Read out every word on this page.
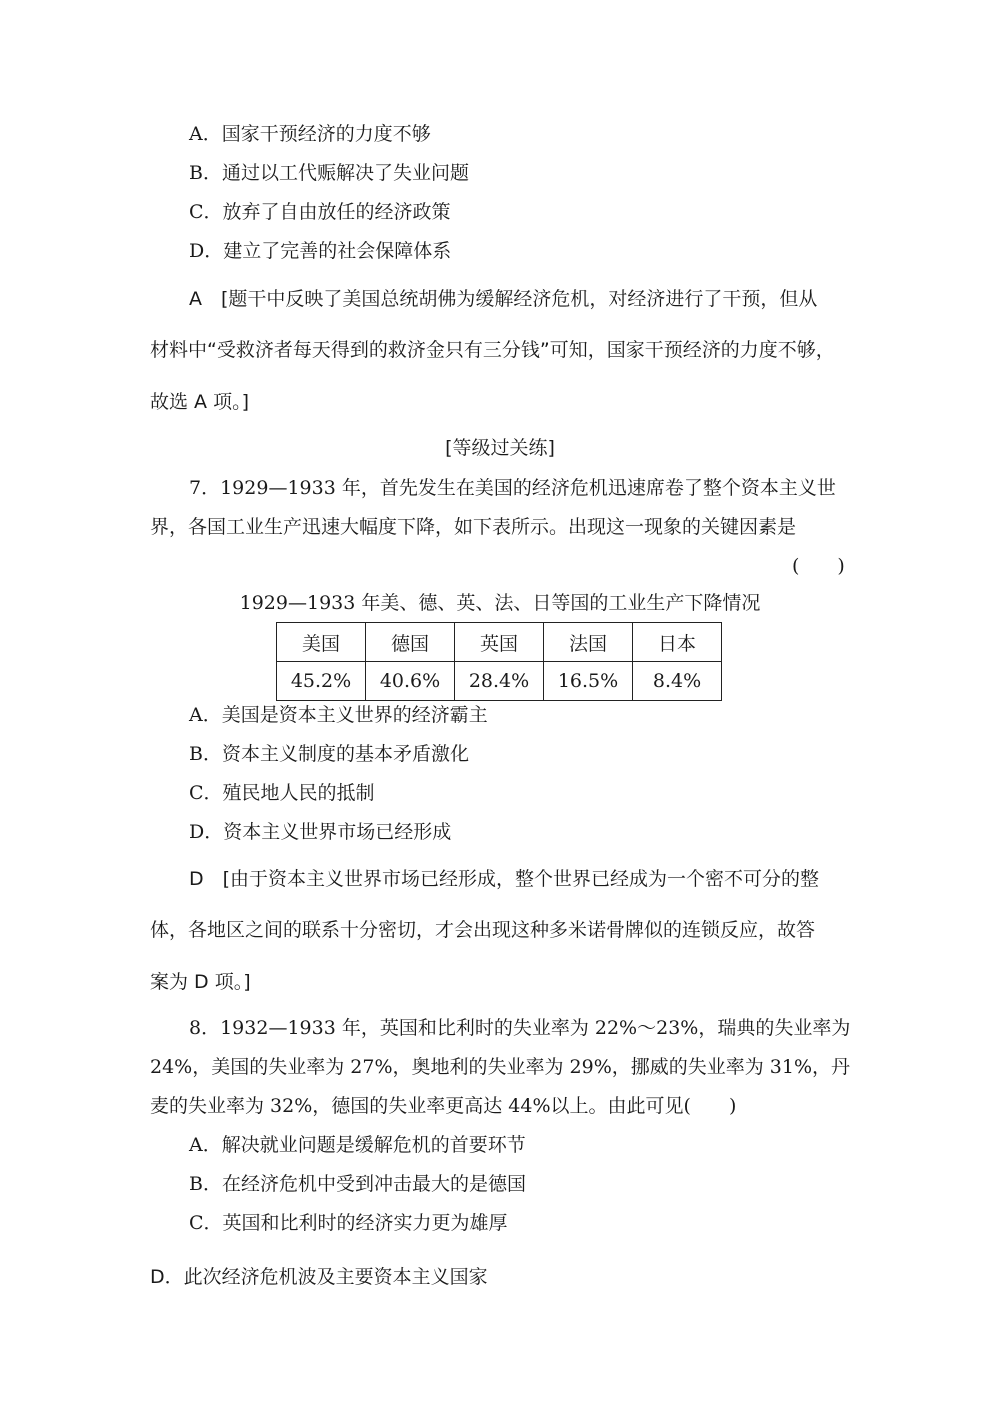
A．国家干预经济的力度不够
B．通过以工代赈解决了失业问题
C．放弃了自由放任的经济政策
D．建立了完善的社会保障体系
A　[题干中反映了美国总统胡佛为缓解经济危机，对经济进行了干预，但从
材料中“受救济者每天得到的救济金只有三分钱”可知，国家干预经济的力度不够，
故选 A 项。]
[等级过关练]
7．1929—1933 年，首先发生在美国的经济危机迅速席卷了整个资本主义世
界，各国工业生产迅速大幅度下降，如下表所示。出现这一现象的关键因素是
(　　)
1929—1933 年美、德、英、法、日等国的工业生产下降情况
美国	德国	英国	法国	日本
45.2%	40.6%	28.4%	16.5%	8.4%
A．美国是资本主义世界的经济霸主
B．资本主义制度的基本矛盾激化
C．殖民地人民的抵制
D．资本主义世界市场已经形成
D　[由于资本主义世界市场已经形成，整个世界已经成为一个密不可分的整
体，各地区之间的联系十分密切，才会出现这种多米诺骨牌似的连锁反应，故答
案为 D 项。]
8．1932—1933 年，英国和比利时的失业率为 22%～23%，瑞典的失业率为
24%，美国的失业率为 27%，奥地利的失业率为 29%，挪威的失业率为 31%，丹
麦的失业率为 32%，德国的失业率更高达 44%以上。由此可见(　　)
A．解决就业问题是缓解危机的首要环节
B．在经济危机中受到冲击最大的是德国
C．英国和比利时的经济实力更为雄厚
D．此次经济危机波及主要资本主义国家
